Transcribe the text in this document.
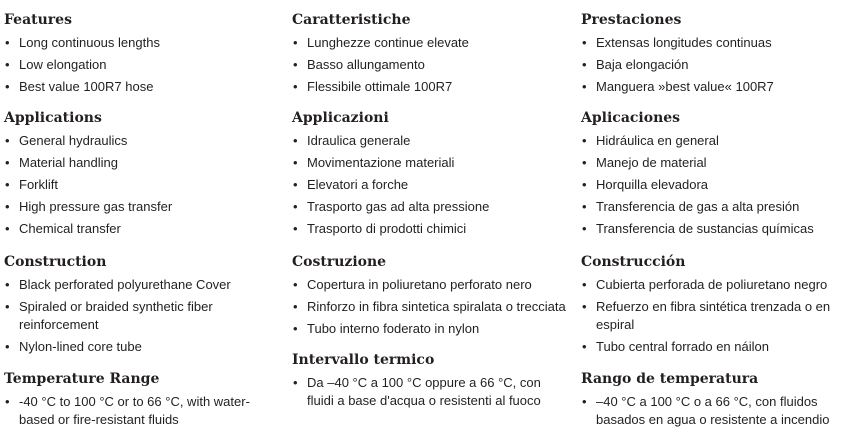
Features
• Long continuous lengths
• Low elongation
• Best value 100R7 hose
Applications
• General hydraulics
• Material handling
• Forklift
• High pressure gas transfer
• Chemical transfer
Construction
• Black perforated polyurethane Cover
• Spiraled or braided synthetic fiber reinforcement
• Nylon-lined core tube
Temperature Range
• -40 °C to 100 °C or to 66 °C, with water-based or fire-resistant fluids
Caratteristiche
• Lunghezze continue elevate
• Basso allungamento
• Flessibile ottimale 100R7
Applicazioni
• Idraulica generale
• Movimentazione materiali
• Elevatori a forche
• Trasporto gas ad alta pressione
• Trasporto di prodotti chimici
Costruzione
• Copertura in poliuretano perforato nero
• Rinforzo in fibra sintetica spiralata o trecciata
• Tubo interno foderato in nylon
Intervallo termico
• Da –40 °C a 100 °C oppure a 66 °C, con fluidi a base d'acqua o resistenti al fuoco
Prestaciones
• Extensas longitudes continuas
• Baja elongación
• Manguera »best value« 100R7
Aplicaciones
• Hidráulica en general
• Manejo de material
• Horquilla elevadora
• Transferencia de gas a alta presión
• Transferencia de sustancias químicas
Construcción
• Cubierta perforada de poliuretano negro
• Refuerzo en fibra sintética trenzada o en espiral
• Tubo central forrado en náilon
Rango de temperatura
• –40 °C a 100 °C o a 66 °C, con fluidos basados en agua o resistente a incendio
